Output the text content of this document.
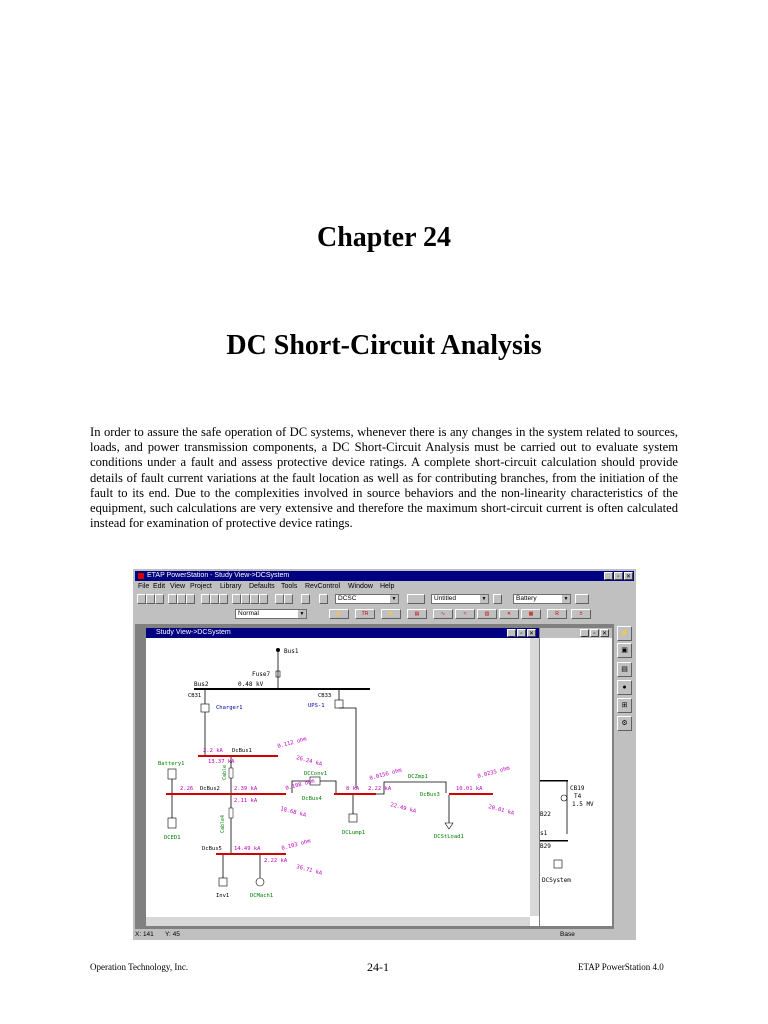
Chapter 24
DC Short-Circuit Analysis
In order to assure the safe operation of DC systems, whenever there is any changes in the system related to sources, loads, and power transmission components, a DC Short-Circuit Analysis must be carried out to evaluate system conditions under a fault and assess protective device ratings. A complete short-circuit calculation should provide details of fault current variations at the fault location as well as for contributing branches, from the initiation of the fault to its end. Due to the complexities involved in source behaviors and the non-linearity characteristics of the equipment, such calculations are very extensive and therefore the maximum short-circuit current is often calculated instead for examination of protective device ratings.
ETAP PowerStation - Study View->DCSystem	_	▫	✕
File Edit View Project Library Defaults Tools RevControl Window Help
DCSC	▼	Untitled	▼	Battery	▼
Normal	▼	⚡	TR	⚡	▤	∿	≈	▥	✕	▦	R	±
Study View->DCSystem	_	▫	✕
Bus1
Fuse7
Bus2	0.48 kV
CB31	CB33
Charger1	UPS-1
2.2 kA DcBus1
13.37 kA
0.112 ohm
26.24 kA
Battery1
Cable	DCConv1
2.26 DcBus2	2.39 kA
2.11 kA
0.108 ohm
18.68 kA
DCED1
Cable4
8 kA 2.22 kA
DcBus4
0.0156 ohm
22.49 kA
DCLump1
DCZmp1
DcBus3
10.01 kA
0.0235 ohm
20.01 kA
DCStLoad1
DcBus5 14.49 kA
2.22 kA
0.103 ohm
36.71 kA
Inv1	DCMach1
_	▫	✕
CB19
T4
1.5 MV
B22
s1
B29
DCSystem
⚡
▣
▤
●
⊞
⚙
X: 141 Y: 45	Base
Operation Technology, Inc.	24-1	ETAP PowerStation 4.0
